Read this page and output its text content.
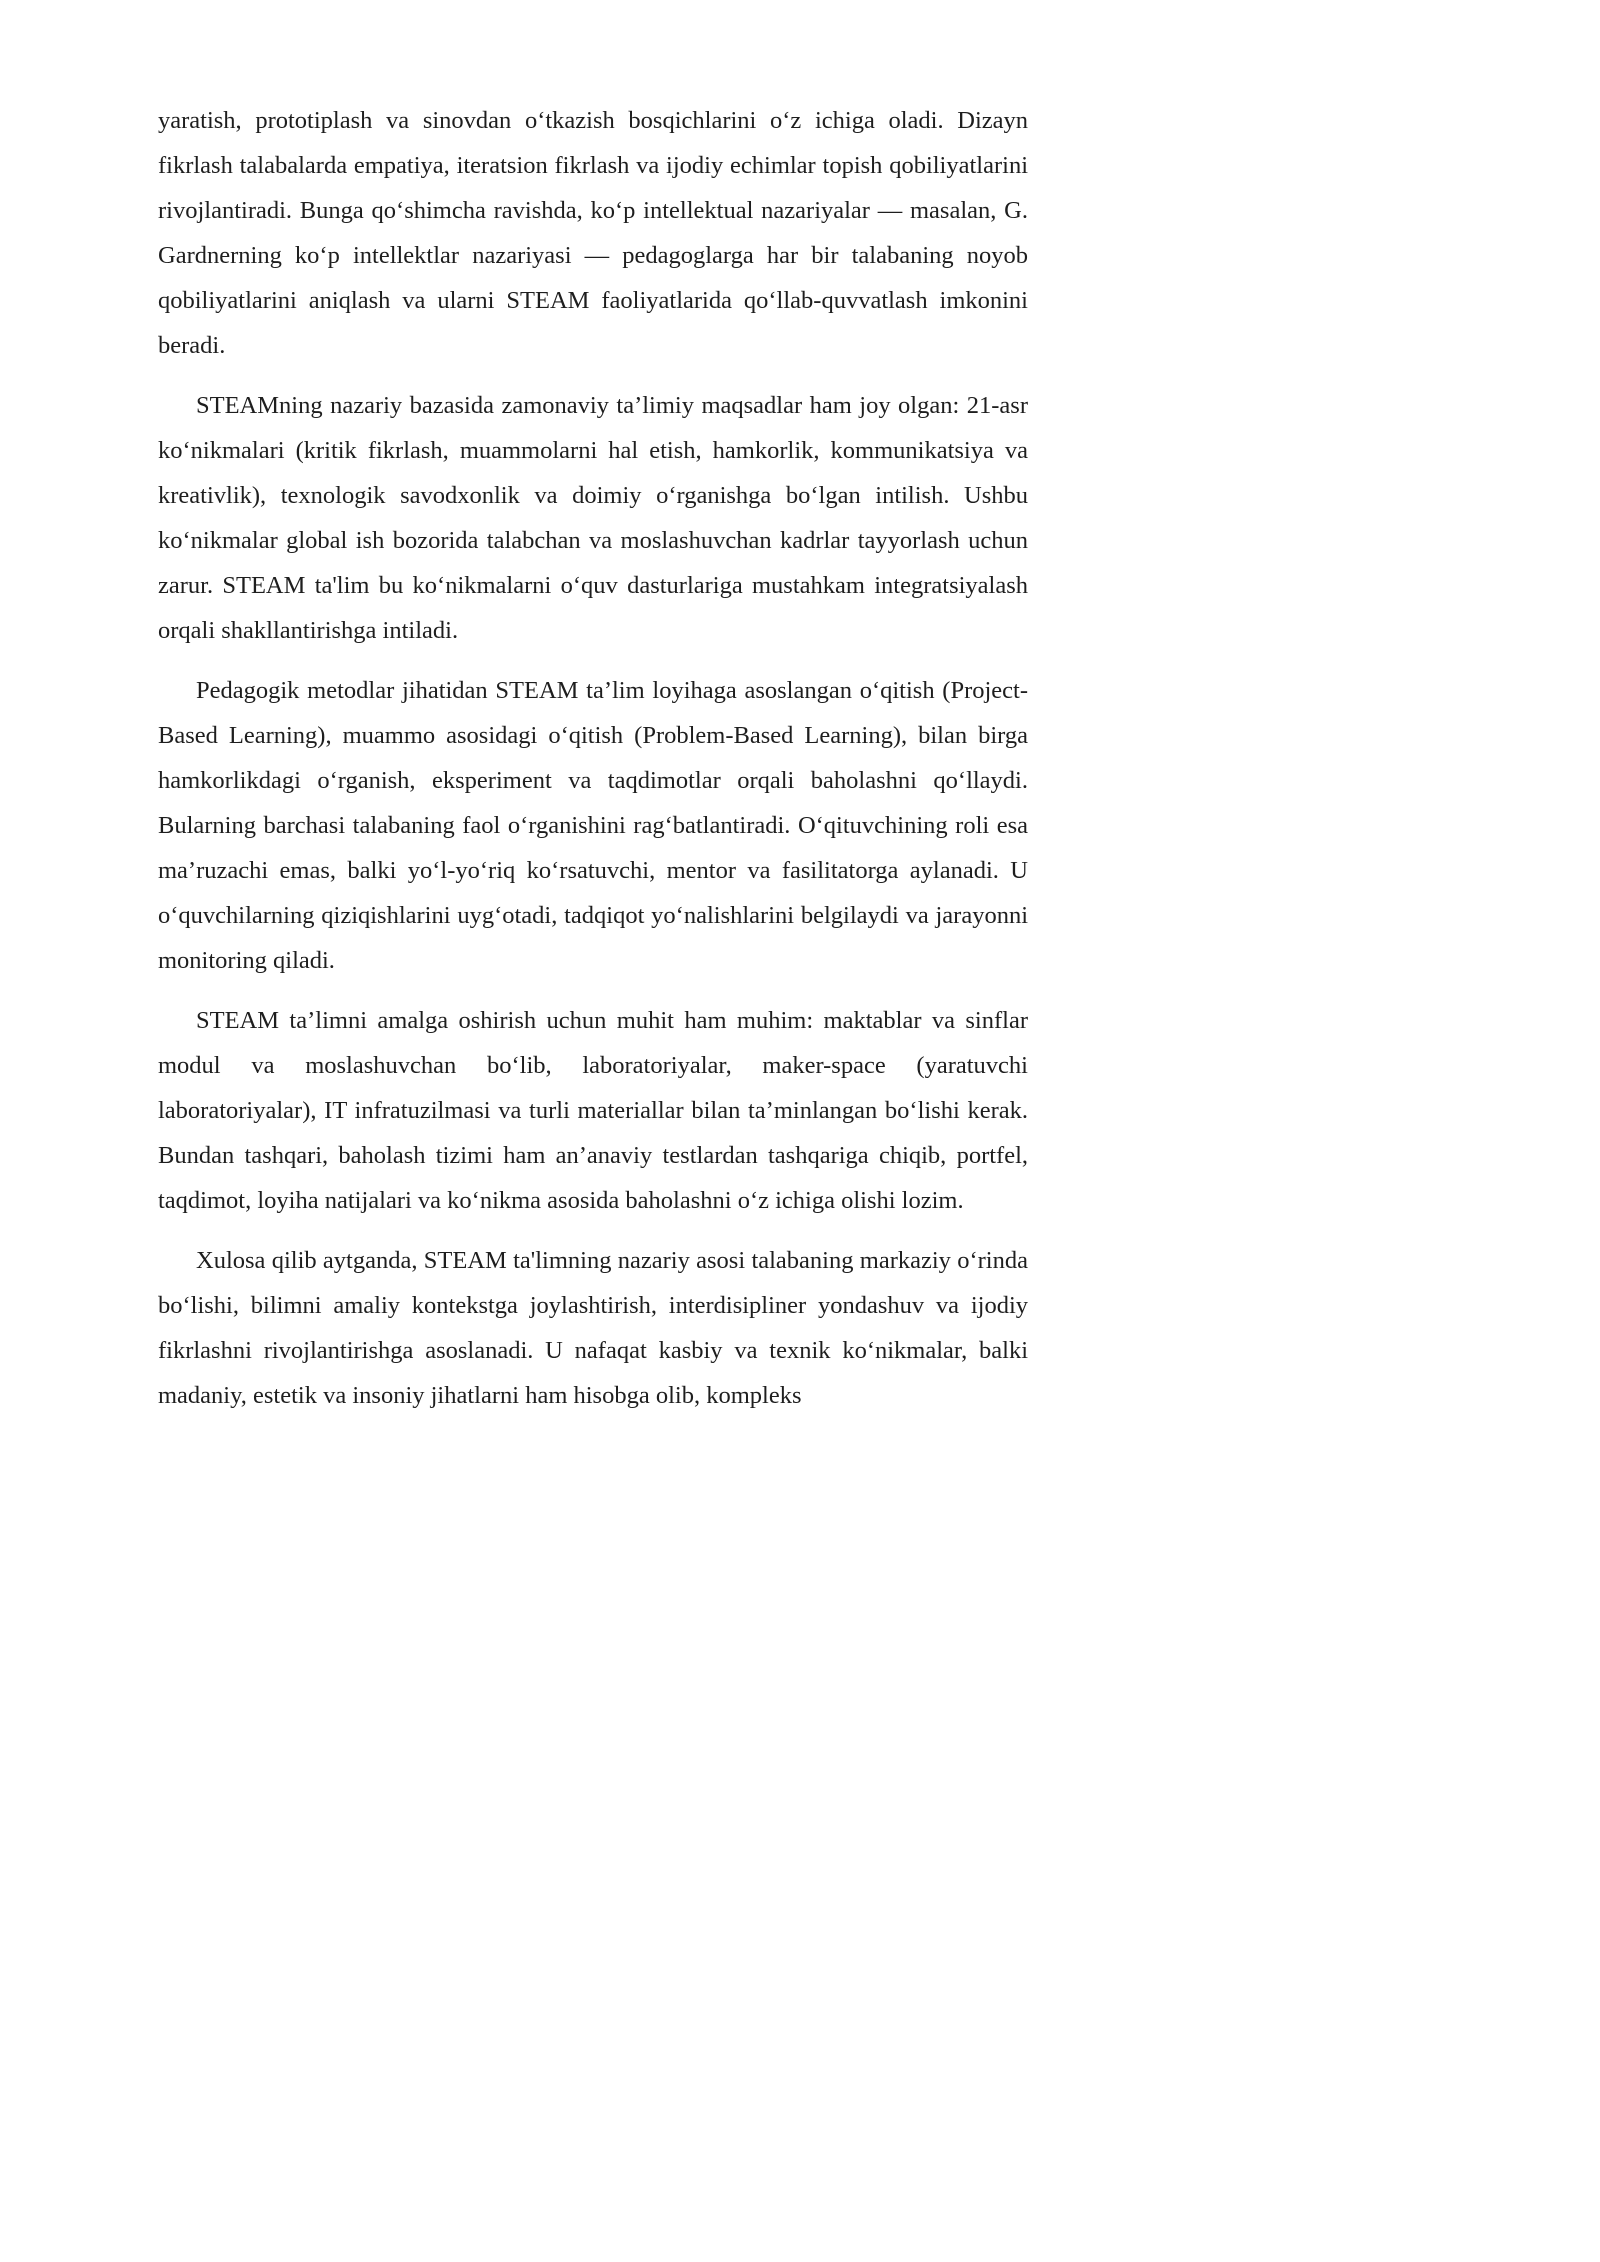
yaratish, prototiplash va sinovdan o‘tkazish bosqichlarini o‘z ichiga oladi. Dizayn fikrlash talabalarda empatiya, iteratsion fikrlash va ijodiy echimlar topish qobiliyatlarini rivojlantiradi. Bunga qo‘shimcha ravishda, ko‘p intellektual nazariyalar — masalan, G. Gardnerning ko‘p intellektlar nazariyasi — pedagoglarga har bir talabaning noyob qobiliyatlarini aniqlash va ularni STEAM faoliyatlarida qo‘llab-quvvatlash imkonini beradi.

STEAMning nazariy bazasida zamonaviy ta’limiy maqsadlar ham joy olgan: 21-asr ko‘nikmalari (kritik fikrlash, muammolarni hal etish, hamkorlik, kommunikatsiya va kreativlik), texnologik savodxonlik va doimiy o‘rganishga bo‘lgan intilish. Ushbu ko‘nikmalar global ish bozorida talabchan va moslashuvchan kadrlar tayyorlash uchun zarur. STEAM ta'lim bu ko‘nikmalarni o‘quv dasturlariga mustahkam integratsiyalash orqali shakllantirishga intiladi.

Pedagogik metodlar jihatidan STEAM ta’lim loyihaga asoslangan o‘qitish (Project-Based Learning), muammo asosidagi o‘qitish (Problem-Based Learning), bilan birga hamkorlikdagi o‘rganish, eksperiment va taqdimotlar orqali baholashni qo‘llaydi. Bularning barchasi talabaning faol o‘rganishini rag‘batlantiradi. O‘qituvchining roli esa ma’ruzachi emas, balki yo‘l-yo‘riq ko‘rsatuvchi, mentor va fasilitatorga aylanadi. U o‘quvchilarning qiziqishlarini uyg‘otadi, tadqiqot yo‘nalishlarini belgilaydi va jarayonni monitoring qiladi.

STEAM ta’limni amalga oshirish uchun muhit ham muhim: maktablar va sinflar modul va moslashuvchan bo‘lib, laboratoriyalar, maker-space (yaratuvchi laboratoriyalar), IT infratuzilmasi va turli materiallar bilan ta’minlangan bo‘lishi kerak. Bundan tashqari, baholash tizimi ham an’anaviy testlardan tashqariga chiqib, portfel, taqdimot, loyiha natijalari va ko‘nikma asosida baholashni o‘z ichiga olishi lozim.

Xulosa qilib aytganda, STEAM ta'limning nazariy asosi talabaning markaziy o‘rinda bo‘lishi, bilimni amaliy kontekstga joylashtirish, interdisipliner yondashuv va ijodiy fikrlashni rivojlantirishga asoslanadi. U nafaqat kasbiy va texnik ko‘nikmalar, balki madaniy, estetik va insoniy jihatlarni ham hisobga olib, kompleks
